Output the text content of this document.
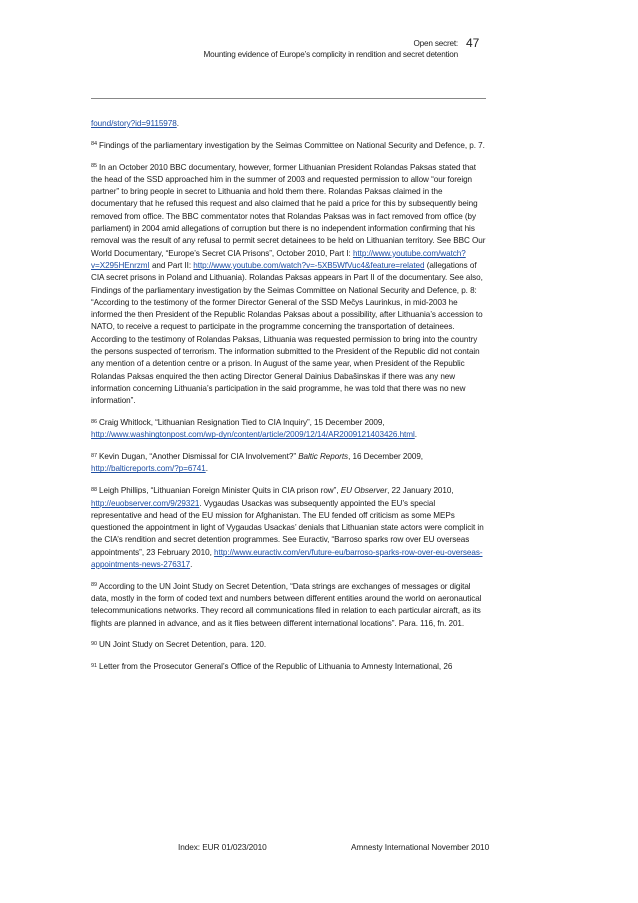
Open secret:
Mounting evidence of Europe’s complicity in rendition and secret detention
47

found/story?id=9115978.

$^{84}$ Findings of the parliamentary investigation by the Seimas Committee on National Security and Defence, p. 7.

$^{85}$ In an October 2010 BBC documentary, however, former Lithuanian President Rolandas Paksas stated that the head of the SSD approached him in the summer of 2003 and requested permission to allow “our foreign partner” to bring people in secret to Lithuania and hold them there. Rolandas Paksas claimed in the documentary that he refused this request and also claimed that he paid a price for this by subsequently being removed from office. The BBC commentator notes that Rolandas Paksas was in fact removed from office (by parliament) in 2004 amid allegations of corruption but there is no independent information confirming that his removal was the result of any refusal to permit secret detainees to be held on Lithuanian territory. See BBC Our World Documentary, “Europe’s Secret CIA Prisons”, October 2010, Part I: http://www.youtube.com/watch?v=X295HEnrzmI and Part II: http://www.youtube.com/watch?v=-5XB5WfVuc4&feature=related (allegations of CIA secret prisons in Poland and Lithuania). Rolandas Paksas appears in Part II of the documentary. See also, Findings of the parliamentary investigation by the Seimas Committee on National Security and Defence, p. 8: “According to the testimony of the former Director General of the SSD Mečys Laurinkus, in mid-2003 he informed the then President of the Republic Rolandas Paksas about a possibility, after Lithuania’s accession to NATO, to receive a request to participate in the programme concerning the transportation of detainees. According to the testimony of Rolandas Paksas, Lithuania was requested permission to bring into the country the persons suspected of terrorism. The information submitted to the President of the Republic did not contain any mention of a detention centre or a prison. In August of the same year, when President of the Republic Rolandas Paksas enquired the then acting Director General Dainius Dabašinskas if there was any new information concerning Lithuania’s participation in the said programme, he was told that there was no new information”.

$^{86}$ Craig Whitlock, “Lithuanian Resignation Tied to CIA Inquiry”, 15 December 2009, http://www.washingtonpost.com/wp-dyn/content/article/2009/12/14/AR2009121403426.html.

$^{87}$ Kevin Dugan, “Another Dismissal for CIA Involvement?” Baltic Reports, 16 December 2009, http://balticreports.com/?p=6741.

$^{88}$ Leigh Phillips, “Lithuanian Foreign Minister Quits in CIA prison row”, EU Observer, 22 January 2010, http://euobserver.com/9/29321. Vygaudas Usackas was subsequently appointed the EU’s special representative and head of the EU mission for Afghanistan. The EU fended off criticism as some MEPs questioned the appointment in light of Vygaudas Usackas’ denials that Lithuanian state actors were complicit in the CIA’s rendition and secret detention programmes. See Euractiv, “Barroso sparks row over EU overseas appointments”, 23 February 2010, http://www.euractiv.com/en/future-eu/barroso-sparks-row-over-eu-overseas-appointments-news-276317.

$^{89}$ According to the UN Joint Study on Secret Detention, “Data strings are exchanges of messages or digital data, mostly in the form of coded text and numbers between different entities around the world on aeronautical telecommunications networks. They record all communications filed in relation to each particular aircraft, as its flights are planned in advance, and as it flies between different international locations”. Para. 116, fn. 201.

$^{90}$ UN Joint Study on Secret Detention, para. 120.

$^{91}$ Letter from the Prosecutor General’s Office of the Republic of Lithuania to Amnesty International, 26

Index: EUR 01/023/2010	Amnesty International November 2010
